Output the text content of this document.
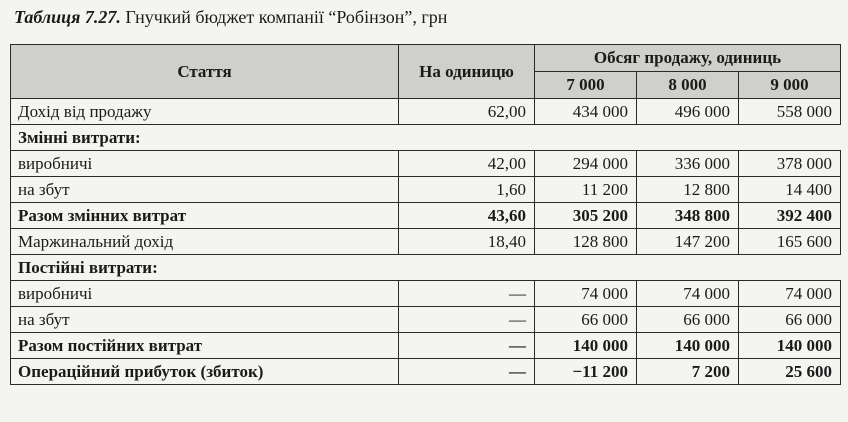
Таблиця 7.27. Гнучкий бюджет компанії “Робінзон”, грн
Стаття	На одиницю	Обсяг продажу, одиниць		
		7 000	8 000	9 000
Дохід від продажу	62,00	434 000	496 000	558 000
Змінні витрати:				
виробничі	42,00	294 000	336 000	378 000
на збут	1,60	11 200	12 800	14 400
Разом змінних витрат	43,60	305 200	348 800	392 400
Маржинальний дохід	18,40	128 800	147 200	165 600
Постійні витрати:				
виробничі	—	74 000	74 000	74 000
на збут	—	66 000	66 000	66 000
Разом постійних витрат	—	140 000	140 000	140 000
Операційний прибуток (збиток)	—	−11 200	7 200	25 600
